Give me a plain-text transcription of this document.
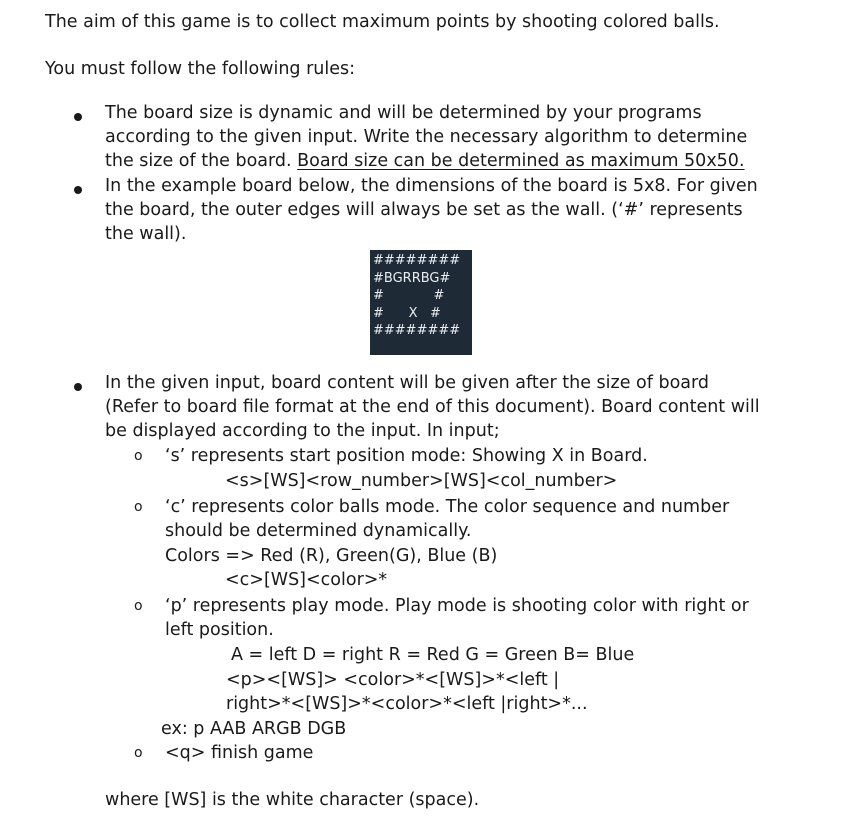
The aim of this game is to collect maximum points by shooting colored balls.
You must follow the following rules:
The board size is dynamic and will be determined by your programs
according to the given input. Write the necessary algorithm to determine
the size of the board. Board size can be determined as maximum 50x50.
In the example board below, the dimensions of the board is 5x8. For given
the board, the outer edges will always be set as the wall. (‘#’ represents
the wall).
########
#BGRRBG#
#            #
#      X   #
########
In the given input, board content will be given after the size of board
(Refer to board file format at the end of this document). Board content will
be displayed according to the input. In input;
o ‘s’ represents start position mode: Showing X in Board.
<s>[WS]<row_number>[WS]<col_number>
o ‘c’ represents color balls mode. The color sequence and number
should be determined dynamically.
Colors => Red (R), Green(G), Blue (B)
<c>[WS]<color>*
o ‘p’ represents play mode. Play mode is shooting color with right or
left position.
A = left D = right R = Red G = Green B= Blue
<p><[WS]> <color>*<[WS]>*<left |
right>*<[WS]>*<color>*<left |right>*...
ex: p AAB ARGB DGB
o <q> finish game
where [WS] is the white character (space).
